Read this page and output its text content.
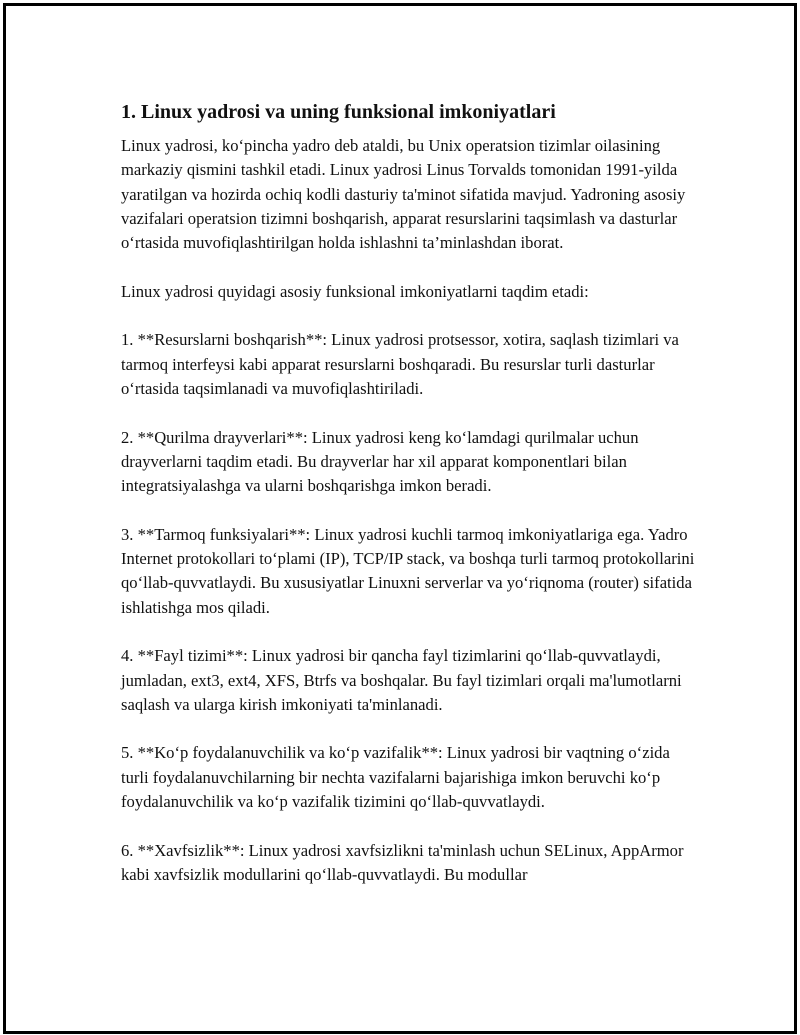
1. Linux yadrosi va uning funksional imkoniyatlari

Linux yadrosi, ko‘pincha yadro deb ataldi, bu Unix operatsion tizimlar oilasining markaziy qismini tashkil etadi. Linux yadrosi Linus Torvalds tomonidan 1991-yilda yaratilgan va hozirda ochiq kodli dasturiy ta'minot sifatida mavjud. Yadroning asosiy vazifalari operatsion tizimni boshqarish, apparat resurslarini taqsimlash va dasturlar o‘rtasida muvofiqlashtirilgan holda ishlashni ta’minlashdan iborat.

Linux yadrosi quyidagi asosiy funksional imkoniyatlarni taqdim etadi:

1. **Resurslarni boshqarish**: Linux yadrosi protsessor, xotira, saqlash tizimlari va tarmoq interfeysi kabi apparat resurslarni boshqaradi. Bu resurslar turli dasturlar o‘rtasida taqsimlanadi va muvofiqlashtiriladi.

2. **Qurilma drayverlari**: Linux yadrosi keng ko‘lamdagi qurilmalar uchun drayverlarni taqdim etadi. Bu drayverlar har xil apparat komponentlari bilan integratsiyalashga va ularni boshqarishga imkon beradi.

3. **Tarmoq funksiyalari**: Linux yadrosi kuchli tarmoq imkoniyatlariga ega. Yadro Internet protokollari to‘plami (IP), TCP/IP stack, va boshqa turli tarmoq protokollarini qo‘llab-quvvatlaydi. Bu xususiyatlar Linuxni serverlar va yo‘riqnoma (router) sifatida ishlatishga mos qiladi.

4. **Fayl tizimi**: Linux yadrosi bir qancha fayl tizimlarini qo‘llab-quvvatlaydi, jumladan, ext3, ext4, XFS, Btrfs va boshqalar. Bu fayl tizimlari orqali ma'lumotlarni saqlash va ularga kirish imkoniyati ta'minlanadi.

5. **Ko‘p foydalanuvchilik va ko‘p vazifalik**: Linux yadrosi bir vaqtning o‘zida turli foydalanuvchilarning bir nechta vazifalarni bajarishiga imkon beruvchi ko‘p foydalanuvchilik va ko‘p vazifalik tizimini qo‘llab-quvvatlaydi.

6. **Xavfsizlik**: Linux yadrosi xavfsizlikni ta'minlash uchun SELinux, AppArmor kabi xavfsizlik modullarini qo‘llab-quvvatlaydi. Bu modullar
